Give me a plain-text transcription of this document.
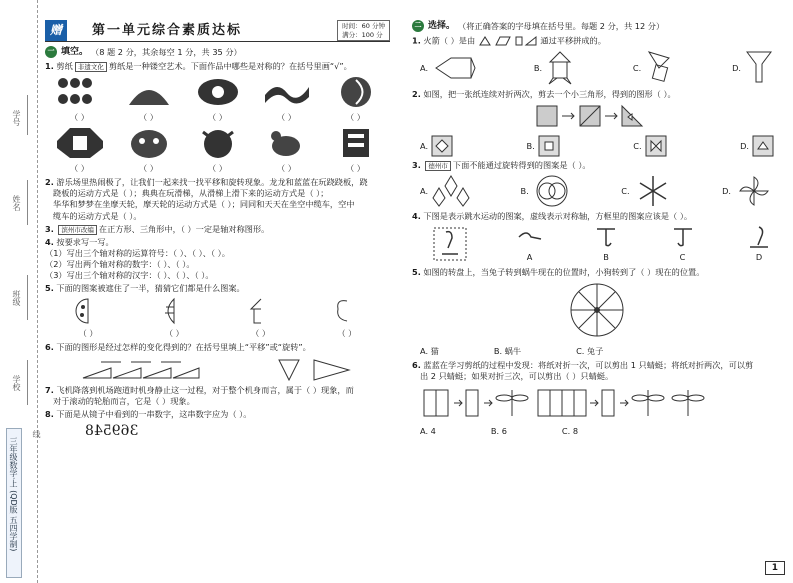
学号
姓名
班级
学校
线
三年级数学·上 (QD版 五四学制)
赠	第一单元综合素质达标	时间：60 分钟
满分：100 分
一 填空。 （8 题 2 分，其余每空 1 分，共 35 分）
1. 剪纸 非遗文化 剪纸是一种镂空艺术。下面作品中哪些是对称的？在括号里画“√”。
（ ）	（ ）	（ ）	（ ）	（ ）
（ ）	（ ）	（ ）	（ ）	（ ）
2. 游乐场里热闹极了，让我们一起来找一找平移和旋转现象。龙龙和蓝蓝在玩跷跷板，跷
跷板的运动方式是（ ）；典典在玩滑梯，从滑梯上滑下来的运动方式是（ ）；
华华和梦梦在坐摩天轮，摩天轮的运动方式是（ ）；同同和天天在坐空中缆车，空中
缆车的运动方式是（ ）。
3. 滨州市改编 在正方形、三角形中，（ ）一定是轴对称图形。
4. 按要求写一写。
（1）写出三个轴对称的运算符号：（ ）、（ ）、（ ）。
（2）写出两个轴对称的数字：（ ）、（ ）。
（3）写出三个轴对称的汉字：（ ）、（ ）、（ ）。
5. 下面的图案被遮住了一半，猜猜它们都是什么图案。
（ ）	（ ）	（ ）	（ ）
6. 下面的图形是经过怎样的变化得到的？在括号里填上“平移”或“旋转”。
7. 飞机降落到机场跑道时机身静止这一过程，对于整个机身而言，属于（ ）现象，而
对于滚动的轮胎而言，它是（ ）现象。
8. 下面是从镜子中看到的一串数字，这串数字应为（ ）。
369548
二 选择。 （将正确答案的字母填在括号里。每题 2 分，共 12 分）
1. 火箭（ ）是由	通过平移拼成的。
A.	B.	C.	D.
2. 如图，把一张纸连续对折两次，剪去一个小三角形，得到的图形（ ）。
A.	B.	C.	D.
3. 德州市 下面不能通过旋转得到的图案是（ ）。
A.	B.	C.	D.
4. 下图是表示跳水运动的图案，虚线表示对称轴，方框里的图案应该是（ ）。
A	B	C	D
5. 如图的转盘上，当兔子转到蜗牛现在的位置时，小狗转到了（ ）现在的位置。
A. 猫	B. 蜗牛	C. 兔子
6. 蓝蓝在学习剪纸的过程中发现：将纸对折一次，可以剪出 1 只蜻蜓；将纸对折两次，可以剪
出 2 只蜻蜓；如果对折三次，可以剪出（ ）只蜻蜓。
A. 4	B. 6	C. 8
1
